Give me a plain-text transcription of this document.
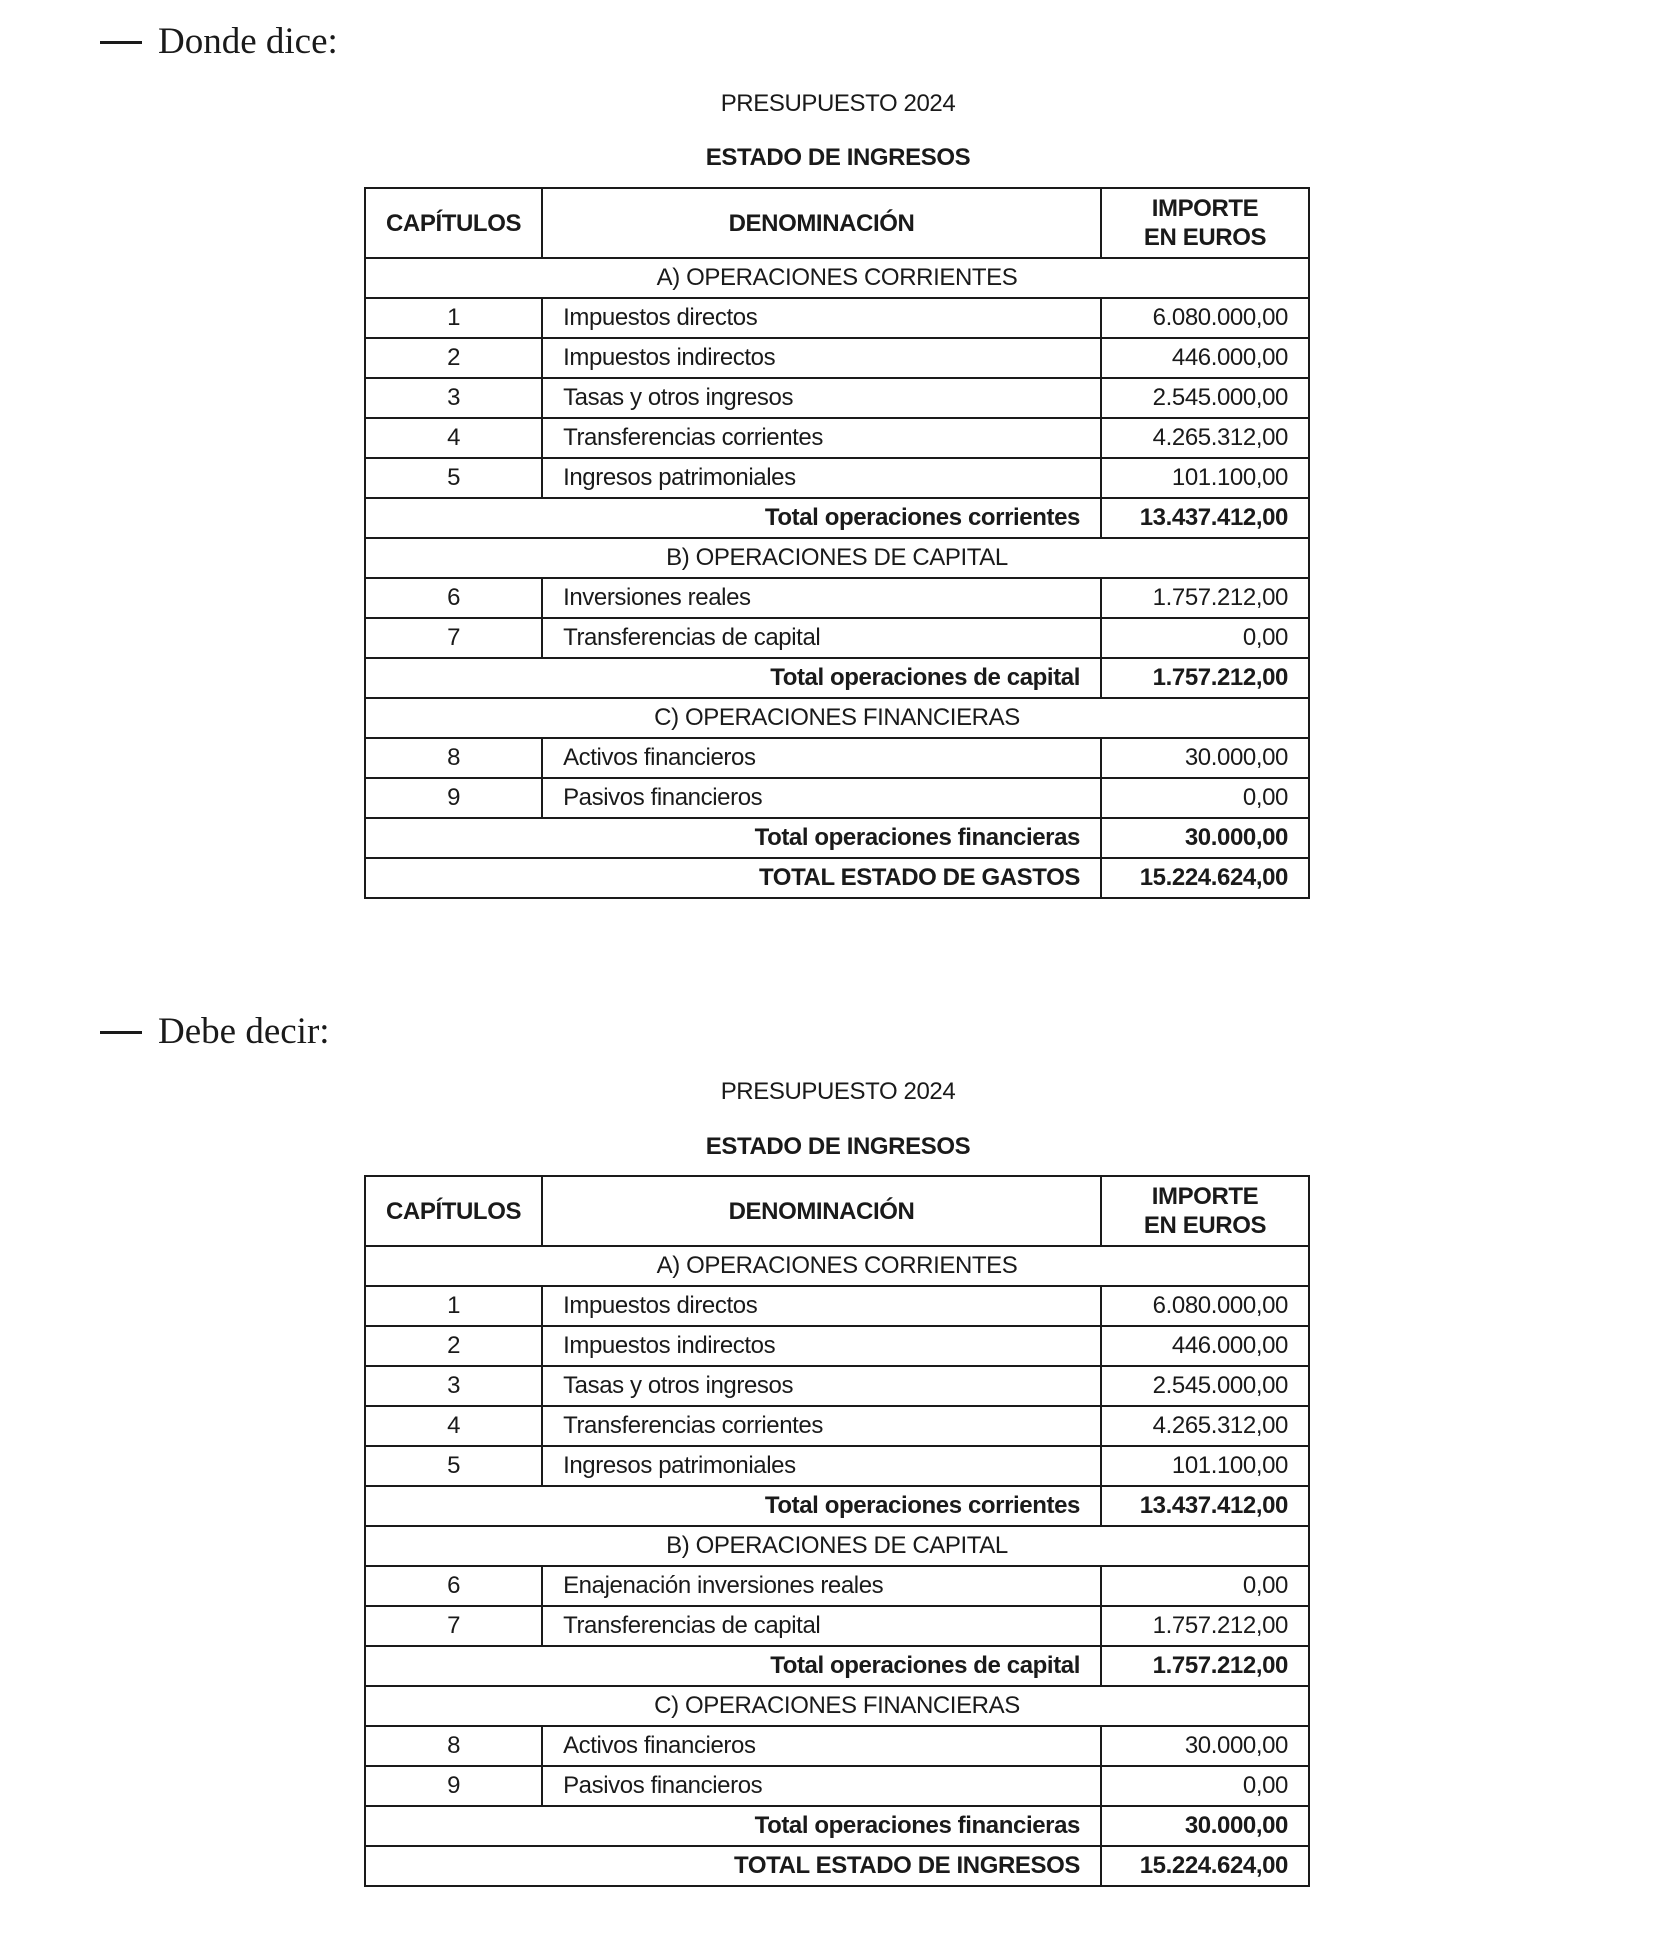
Donde dice:
PRESUPUESTO 2024
ESTADO DE INGRESOS
CAPÍTULOS	DENOMINACIÓN	IMPORTE
EN EUROS
A) OPERACIONES CORRIENTES		
1	Impuestos directos	6.080.000,00
2	Impuestos indirectos	446.000,00
3	Tasas y otros ingresos	2.545.000,00
4	Transferencias corrientes	4.265.312,00
5	Ingresos patrimoniales	101.100,00
Total operaciones corrientes		13.437.412,00
B) OPERACIONES DE CAPITAL		
6	Inversiones reales	1.757.212,00
7	Transferencias de capital	0,00
Total operaciones de capital		1.757.212,00
C) OPERACIONES FINANCIERAS		
8	Activos financieros	30.000,00
9	Pasivos financieros	0,00
Total operaciones financieras		30.000,00
TOTAL ESTADO DE GASTOS		15.224.624,00
Debe decir:
PRESUPUESTO 2024
ESTADO DE INGRESOS
CAPÍTULOS	DENOMINACIÓN	IMPORTE
EN EUROS
A) OPERACIONES CORRIENTES		
1	Impuestos directos	6.080.000,00
2	Impuestos indirectos	446.000,00
3	Tasas y otros ingresos	2.545.000,00
4	Transferencias corrientes	4.265.312,00
5	Ingresos patrimoniales	101.100,00
Total operaciones corrientes		13.437.412,00
B) OPERACIONES DE CAPITAL		
6	Enajenación inversiones reales	0,00
7	Transferencias de capital	1.757.212,00
Total operaciones de capital		1.757.212,00
C) OPERACIONES FINANCIERAS		
8	Activos financieros	30.000,00
9	Pasivos financieros	0,00
Total operaciones financieras		30.000,00
TOTAL ESTADO DE INGRESOS		15.224.624,00
